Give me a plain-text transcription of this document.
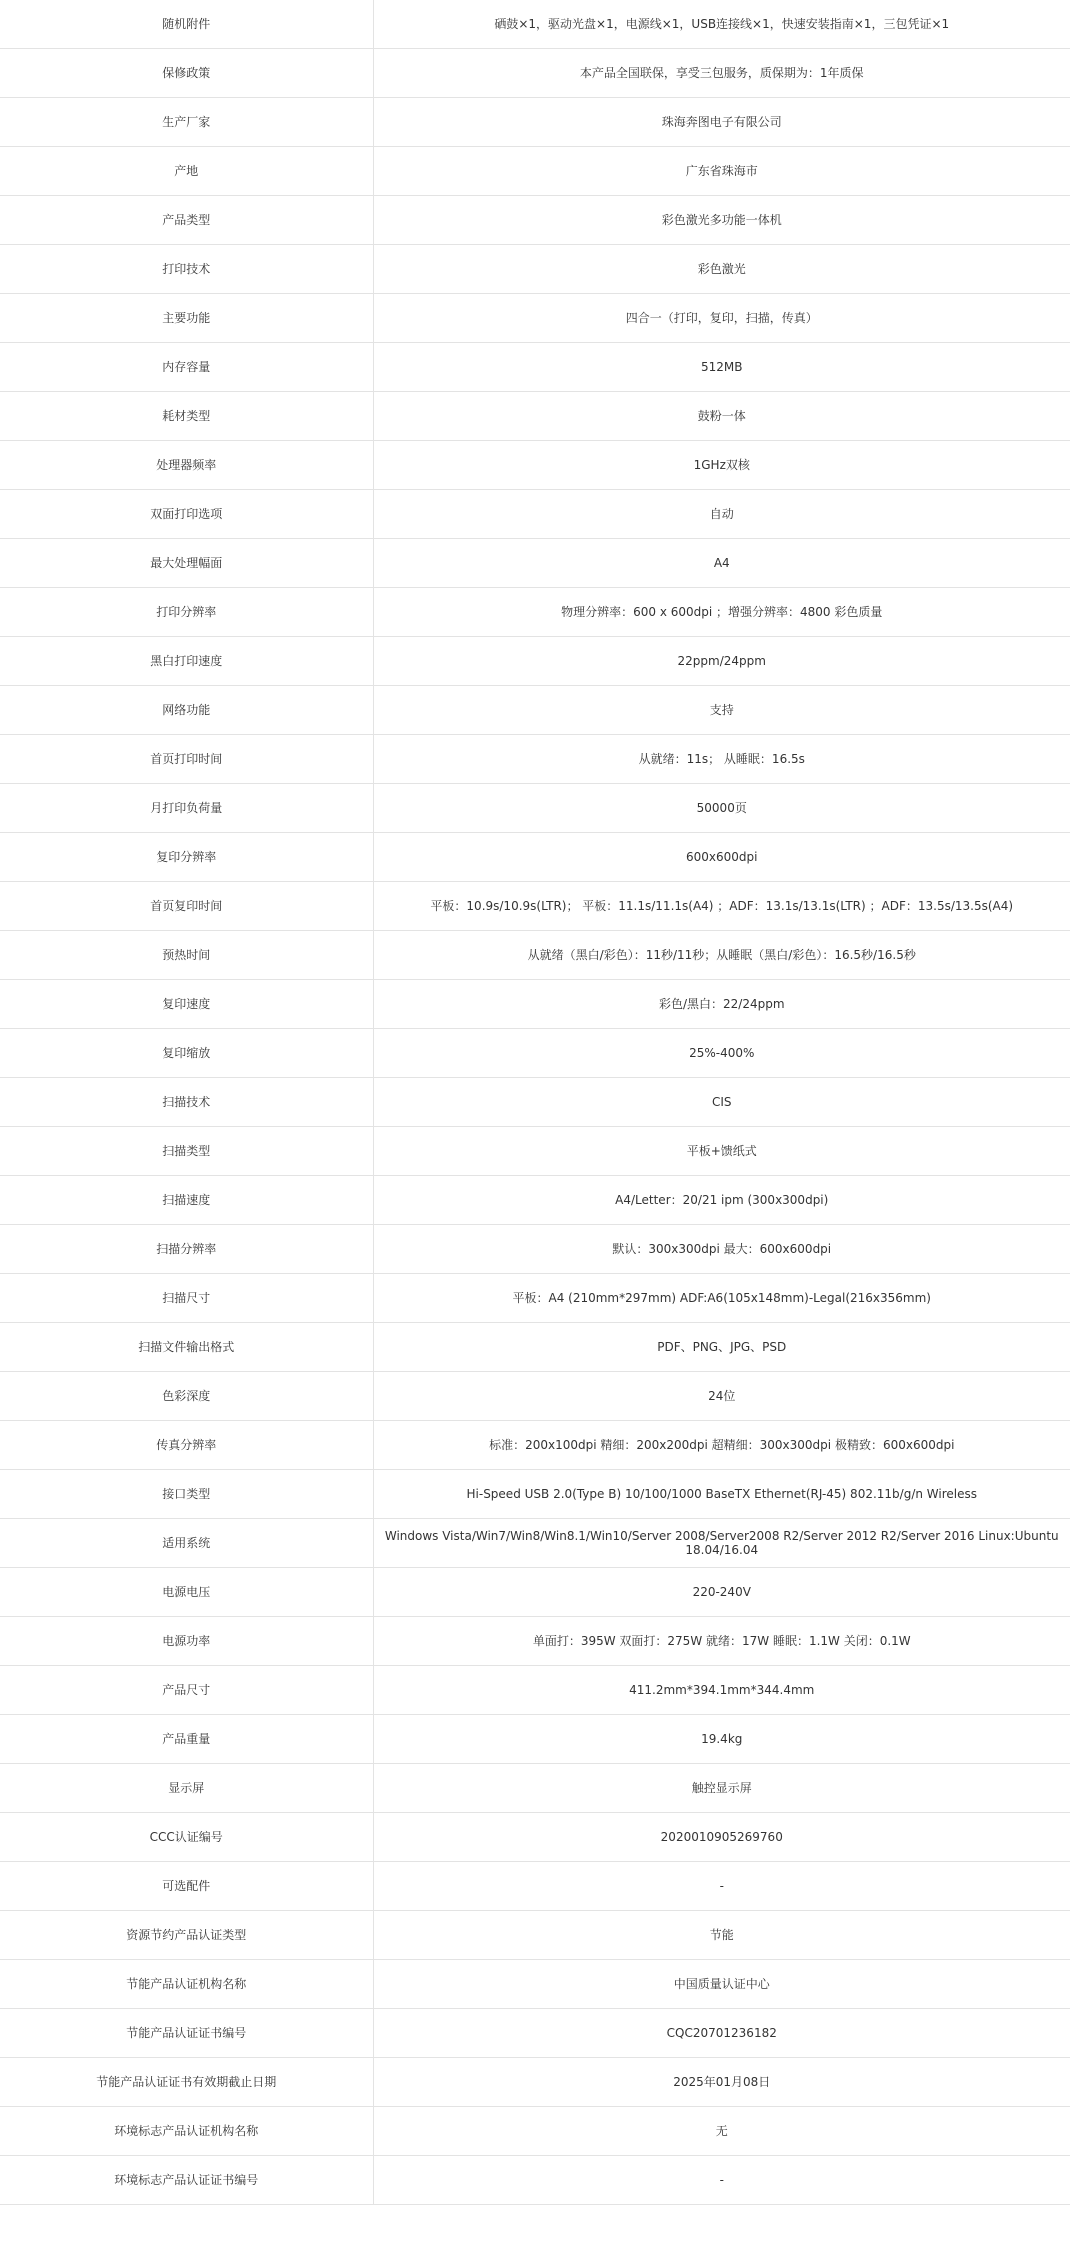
随机附件	硒鼓×1，驱动光盘×1，电源线×1，USB连接线×1，快速安装指南×1，三包凭证×1
保修政策	本产品全国联保，享受三包服务，质保期为：1年质保
生产厂家	珠海奔图电子有限公司
产地	广东省珠海市
产品类型	彩色激光多功能一体机
打印技术	彩色激光
主要功能	四合一（打印，复印，扫描，传真）
内存容量	512MB
耗材类型	鼓粉一体
处理器频率	1GHz双核
双面打印选项	自动
最大处理幅面	A4
打印分辨率	物理分辨率：600 x 600dpi ；增强分辨率：4800 彩色质量
黑白打印速度	22ppm/24ppm
网络功能	支持
首页打印时间	从就绪：11s； 从睡眠：16.5s
月打印负荷量	50000页
复印分辨率	600x600dpi
首页复印时间	平板：10.9s/10.9s(LTR)； 平板：11.1s/11.1s(A4) ；ADF：13.1s/13.1s(LTR) ；ADF：13.5s/13.5s(A4)
预热时间	从就绪（黑白/彩色）：11秒/11秒；从睡眠（黑白/彩色）：16.5秒/16.5秒
复印速度	彩色/黑白：22/24ppm
复印缩放	25%-400%
扫描技术	CIS
扫描类型	平板+馈纸式
扫描速度	A4/Letter：20/21 ipm (300x300dpi)
扫描分辨率	默认：300x300dpi 最大：600x600dpi
扫描尺寸	平板：A4 (210mm*297mm) ADF:A6(105x148mm)-Legal(216x356mm)
扫描文件输出格式	PDF、PNG、JPG、PSD
色彩深度	24位
传真分辨率	标准：200x100dpi 精细：200x200dpi 超精细：300x300dpi 极精致：600x600dpi
接口类型	Hi-Speed USB 2.0(Type B) 10/100/1000 BaseTX Ethernet(RJ-45) 802.11b/g/n Wireless
适用系统	Windows Vista/Win7/Win8/Win8.1/Win10/Server 2008/Server2008 R2/Server 2012 R2/Server 2016 Linux:Ubuntu 18.04/16.04
电源电压	220-240V
电源功率	单面打：395W 双面打：275W 就绪：17W 睡眠：1.1W 关闭：0.1W
产品尺寸	411.2mm*394.1mm*344.4mm
产品重量	19.4kg
显示屏	触控显示屏
CCC认证编号	2020010905269760
可选配件	-
资源节约产品认证类型	节能
节能产品认证机构名称	中国质量认证中心
节能产品认证证书编号	CQC20701236182
节能产品认证证书有效期截止日期	2025年01月08日
环境标志产品认证机构名称	无
环境标志产品认证证书编号	-
